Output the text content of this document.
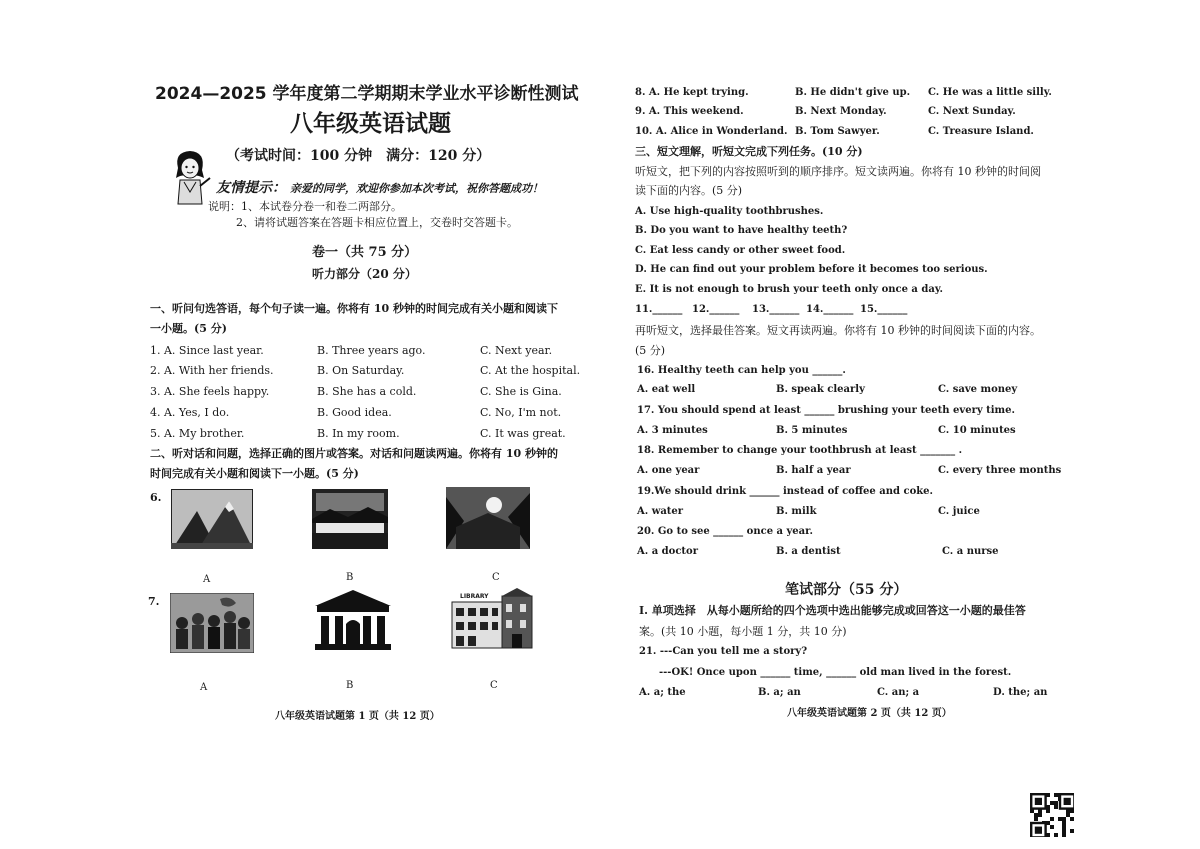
2024—2025 学年度第二学期期末学业水平诊断性测试
八年级英语试题
（考试时间：100 分钟　满分：120 分）
友情提示： 亲爱的同学，欢迎你参加本次考试，祝你答题成功！
说明：1、本试卷分卷一和卷二两部分。
2、请将试题答案在答题卡相应位置上，交卷时交答题卡。
卷一（共 75 分）
听力部分（20 分）
一、听问句选答语，每个句子读一遍。你将有 10 秒钟的时间完成有关小题和阅读下
一小题。(5 分)
1. A. Since last year.	B. Three years ago.	C. Next year.
2. A. With her friends.	B. On Saturday.	C. At the hospital.
3. A. She feels happy.	B. She has a cold.	C. She is Gina.
4. A. Yes, I do.	B. Good idea.	C. No, I'm not.
5. A. My brother.	B. In my room.	C. It was great.
二、听对话和问题，选择正确的图片或答案。对话和问题读两遍。你将有 10 秒钟的
时间完成有关小题和阅读下一小题。(5 分)
6.
A	B	C
7.	LIBRARY
A	B	C
八年级英语试题第 1 页（共 12 页）
8. A. He kept trying.	B. He didn't give up. C. He was a little silly.
9. A. This weekend.	B. Next Monday.	C. Next Sunday.
10. A. Alice in Wonderland. B. Tom Sawyer.	C. Treasure Island.
三、短文理解，听短文完成下列任务。(10 分)
听短文，把下列的内容按照听到的顺序排序。短文读两遍。你将有 10 秒钟的时间阅
读下面的内容。(5 分)
A. Use high-quality toothbrushes.
B. Do you want to have healthy teeth?
C. Eat less candy or other sweet food.
D. He can find out your problem before it becomes too serious.
E. It is not enough to brush your teeth only once a day.
11.______ 12.______ 13.______ 14.______ 15.______
再听短文，选择最佳答案。短文再读两遍。你将有 10 秒钟的时间阅读下面的内容。
(5 分)
16. Healthy teeth can help you ______.
A. eat well	B. speak clearly	C. save money
17. You should spend at least ______ brushing your teeth every time.
A. 3 minutes	B. 5 minutes	C. 10 minutes
18. Remember to change your toothbrush at least _______ .
A. one year	B. half a year	C. every three months
19.We should drink ______ instead of coffee and coke.
A. water	B. milk	C. juice
20. Go to see ______ once a year.
A. a doctor	B. a dentist	C. a nurse
笔试部分（55 分）
Ⅰ. 单项选择　从每小题所给的四个选项中选出能够完成或回答这一小题的最佳答
案。(共 10 小题，每小题 1 分，共 10 分)
21. ---Can you tell me a story?
---OK! Once upon ______ time, ______ old man lived in the forest.
A. a; the	B. a; an	C. an; a	D. the; an
八年级英语试题第 2 页（共 12 页）
